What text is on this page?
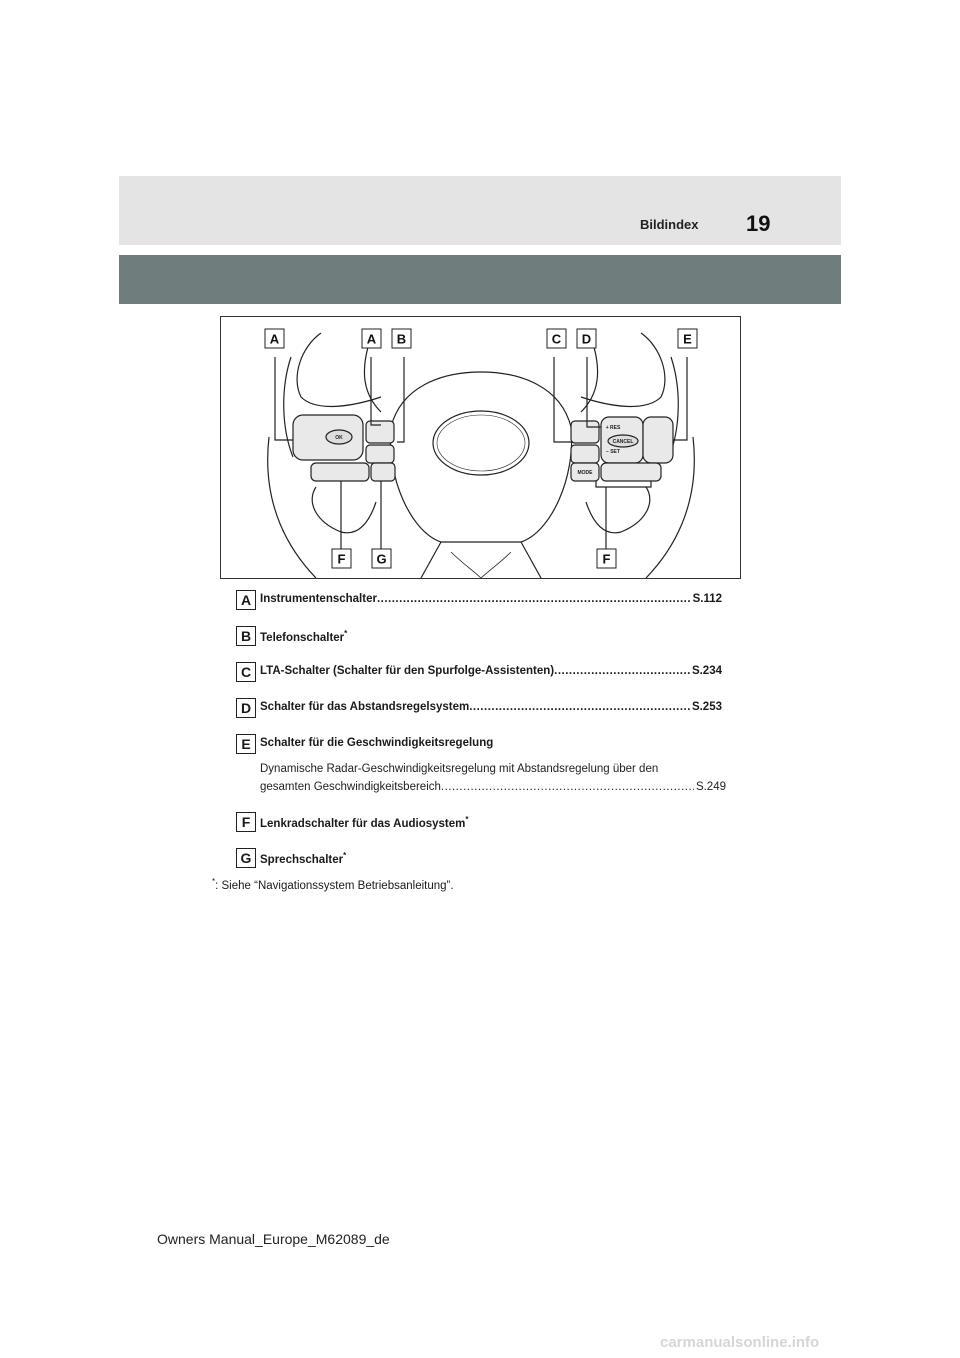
Bildindex 19
OK
+ RES
– SET
CANCEL
MODE
A	A B	C D	E
F G	F
A Instrumentenschalter .....	S.112
B Telefonschalter*
C LTA-Schalter (Schalter für den Spurfolge-Assistenten) .....	S.234
D Schalter für das Abstandsregelsystem .....	S.253
E Schalter für die Geschwindigkeitsregelung
Dynamische Radar-Geschwindigkeitsregelung mit Abstandsregelung über den
gesamten Geschwindigkeitsbereich .....	S.249
F Lenkradschalter für das Audiosystem*
G Sprechschalter*
*: Siehe “Navigationssystem Betriebsanleitung”.
Owners Manual_Europe_M62089_de
carmanualsonline.info
